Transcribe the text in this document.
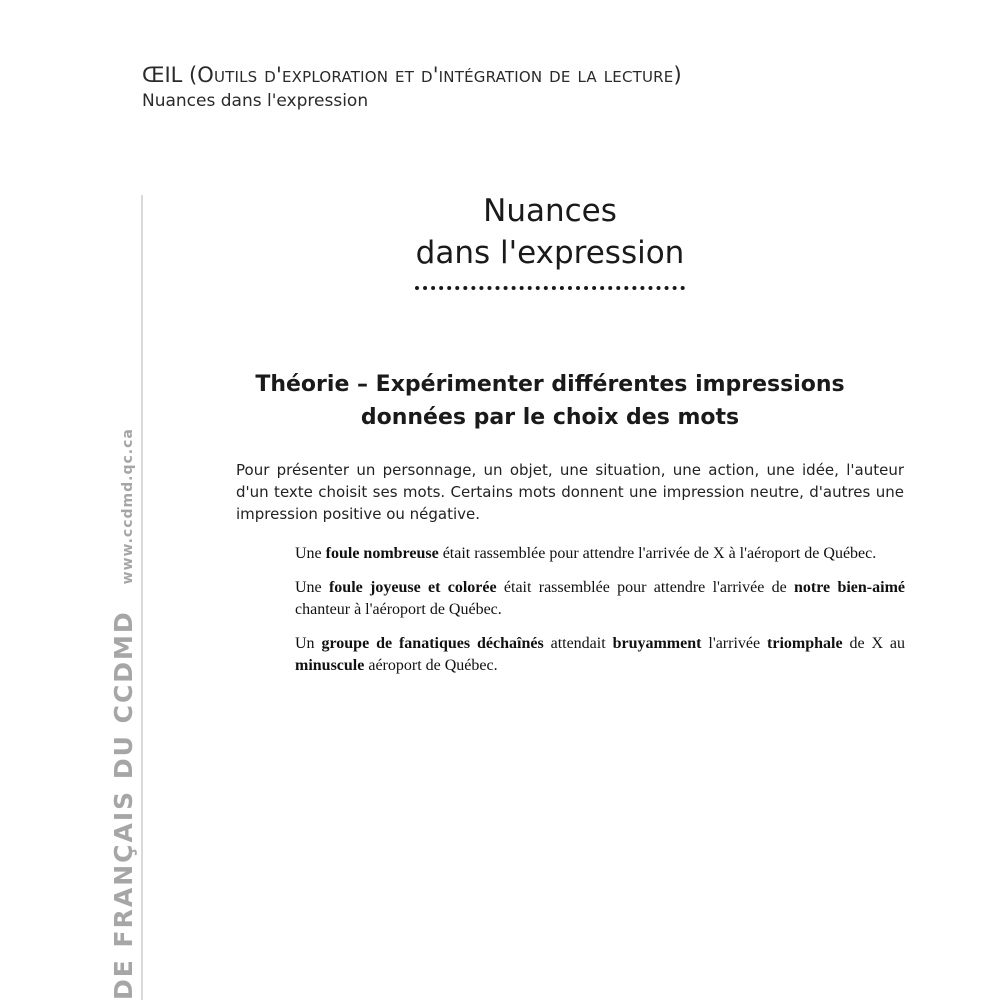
ŒIL (Outils d'exploration et d'intégration de la lecture)
Nuances dans l'expression
DE FRANÇAIS DU CCDMDwww.ccdmd.qc.ca
Nuances
dans l'expression
Théorie – Expérimenter différentes impressions
données par le choix des mots
Pour présenter un personnage, un objet, une situation, une action, une idée, l'auteur d'un texte choisit ses mots. Certains mots donnent une impression neutre, d'autres une impression positive ou négative.

Une foule nombreuse était rassemblée pour attendre l'arrivée de X à l'aéroport de Québec.

Une foule joyeuse et colorée était rassemblée pour attendre l'arrivée de notre bien-aimé chanteur à l'aéroport de Québec.

Un groupe de fanatiques déchaînés attendait bruyamment l'arrivée triomphale de X au minuscule aéroport de Québec.
